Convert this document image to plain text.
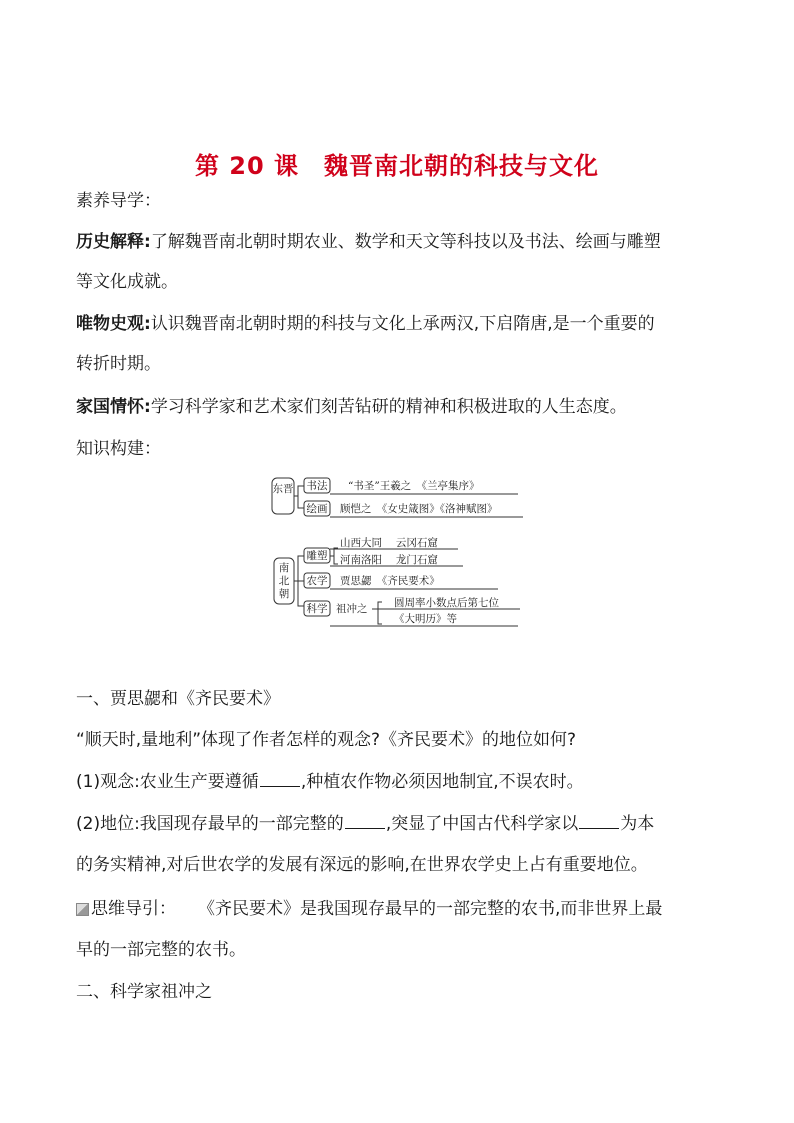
第 20 课　魏晋南北朝的科技与文化
素养导学：
历史解释:了解魏晋南北朝时期农业、数学和天文等科技以及书法、绘画与雕塑
等文化成就。
唯物史观:认识魏晋南北朝时期的科技与文化上承两汉,下启隋唐,是一个重要的
转折时期。
家国情怀:学习科学家和艺术家们刻苦钻研的精神和积极进取的人生态度。
知识构建：
东晋 书法 “书圣”王羲之　《兰亭集序》
绘画 顾恺之　《女史箴图》《洛神赋图》
南
北
朝
雕塑
山西大同　 云冈石窟
河南洛阳　 龙门石窟
农学 贾思勰　《齐民要术》
科学 祖冲之	圆周率小数点后第七位
《大明历》等
一、贾思勰和《齐民要术》
“顺天时,量地利”体现了作者怎样的观念?《齐民要术》的地位如何?
(1)观念:农业生产要遵循 ,种植农作物必须因地制宜,不误农时。
(2)地位:我国现存最早的一部完整的 ,突显了中国古代科学家以 为本
的务实精神,对后世农学的发展有深远的影响,在世界农学史上占有重要地位。
思维导引： 《齐民要术》是我国现存最早的一部完整的农书,而非世界上最
早的一部完整的农书。
二、科学家祖冲之
